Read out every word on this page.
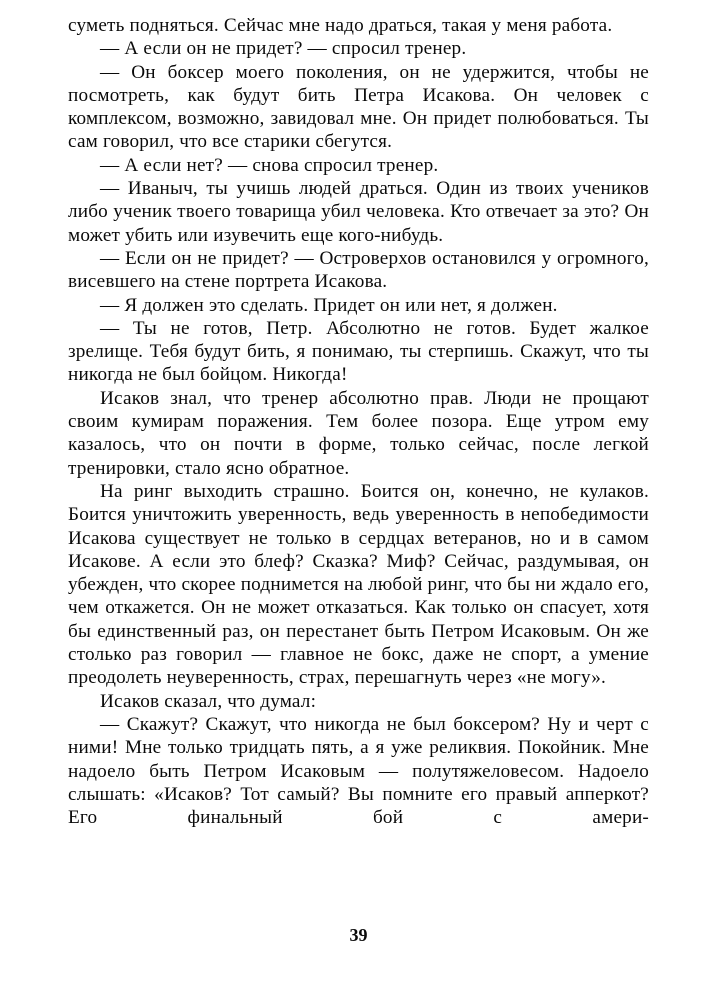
суметь подняться. Сейчас мне надо драться, такая у меня работа.

— А если он не придет? — спросил тренер.

— Он боксер моего поколения, он не удержится, чтобы не посмотреть, как будут бить Петра Исакова. Он человек с комплексом, возможно, завидовал мне. Он придет полюбоваться. Ты сам говорил, что все старики сбегутся.

— А если нет? — снова спросил тренер.

— Иваныч, ты учишь людей драться. Один из твоих учеников либо ученик твоего товарища убил человека. Кто отвечает за это? Он может убить или изувечить еще кого-нибудь.

— Если он не придет? — Островерхов остановился у огромного, висевшего на стене портрета Исакова.

— Я должен это сделать. Придет он или нет, я должен.

— Ты не готов, Петр. Абсолютно не готов. Будет жалкое зрелище. Тебя будут бить, я понимаю, ты стерпишь. Скажут, что ты никогда не был бойцом. Никогда!

Исаков знал, что тренер абсолютно прав. Люди не прощают своим кумирам поражения. Тем более позора. Еще утром ему казалось, что он почти в форме, только сейчас, после легкой тренировки, стало ясно обратное.

На ринг выходить страшно. Боится он, конечно, не кулаков. Боится уничтожить уверенность, ведь уверенность в непобедимости Исакова существует не только в сердцах ветеранов, но и в самом Исакове. А если это блеф? Сказка? Миф? Сейчас, раздумывая, он убежден, что скорее поднимется на любой ринг, что бы ни ждало его, чем откажется. Он не может отказаться. Как только он спасует, хотя бы единственный раз, он перестанет быть Петром Исаковым. Он же столько раз говорил — главное не бокс, даже не спорт, а умение преодолеть неуверенность, страх, перешагнуть через «не могу».

Исаков сказал, что думал:

— Скажут? Скажут, что никогда не был боксером? Ну и черт с ними! Мне только тридцать пять, а я уже реликвия. Покойник. Мне надоело быть Петром Исаковым — полутяжеловесом. Надоело слышать: «Исаков? Тот самый? Вы помните его правый апперкот? Его финальный бой с амери-

39
